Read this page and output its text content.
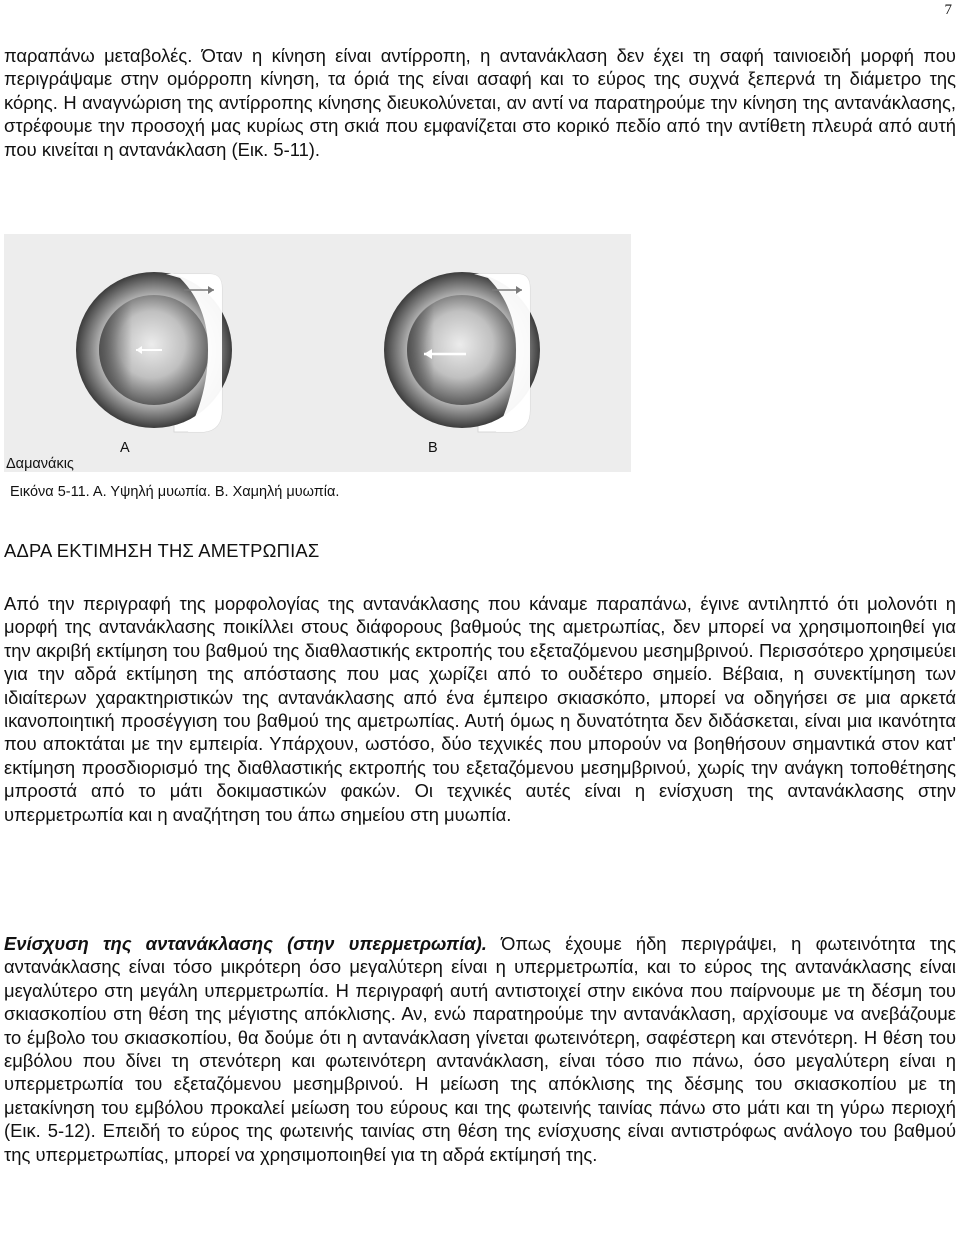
7

παραπάνω μεταβολές. Όταν η κίνηση είναι αντίρροπη, η αντανάκλαση δεν έχει τη σαφή ταινιοειδή μορφή που περιγράψαμε στην ομόρροπη κίνηση, τα όριά της είναι ασαφή και το εύρος της συχνά ξεπερνά τη διάμετρο της κόρης. Η αναγνώριση της αντίρροπης κίνησης διευκολύνεται, αν αντί να παρατηρούμε την κίνηση της αντανάκλασης, στρέφουμε την προσοχή μας κυρίως στη σκιά που εμφανίζεται στο κορικό πεδίο από την αντίθετη πλευρά από αυτή που κινείται η αντανάκλαση (Εικ. 5-11).

Δαμανάκις
Α	Β
Εικόνα 5-11. Α. Υψηλή μυωπία. Β. Χαμηλή μυωπία.
ΑΔΡΑ ΕΚΤΙΜΗΣΗ ΤΗΣ ΑΜΕΤΡΩΠΙΑΣ

Από την περιγραφή της μορφολογίας της αντανάκλασης που κάναμε παραπάνω, έγινε αντιληπτό ότι μολονότι η μορφή της αντανάκλασης ποικίλλει στους διάφορους βαθμούς της αμετρωπίας, δεν μπορεί να χρησιμοποιηθεί για την ακριβή εκτίμηση του βαθμού της διαθλαστικής εκτροπής του εξεταζόμενου μεσημβρινού. Περισσότερο χρησιμεύει για την αδρά εκτίμηση της απόστασης που μας χωρίζει από το ουδέτερο σημείο. Βέβαια, η συνεκτίμηση των ιδιαίτερων χαρακτηριστικών της αντανάκλασης από ένα έμπειρο σκιασκόπο, μπορεί να οδηγήσει σε μια αρκετά ικανοποιητική προσέγγιση του βαθμού της αμετρωπίας. Αυτή όμως η δυνατότητα δεν διδάσκεται, είναι μια ικανότητα που αποκτάται με την εμπειρία. Υπάρχουν, ωστόσο, δύο τεχνικές που μπορούν να βοηθήσουν σημαντικά στον κατ' εκτίμηση προσδιορισμό της διαθλαστικής εκτροπής του εξεταζόμενου μεσημβρινού, χωρίς την ανάγκη τοποθέτησης μπροστά από το μάτι δοκιμαστικών φακών. Οι τεχνικές αυτές είναι η ενίσχυση της αντανάκλασης στην υπερμετρωπία και η αναζήτηση του άπω σημείου στη μυωπία.

Ενίσχυση της αντανάκλασης (στην υπερμετρωπία). Όπως έχουμε ήδη περιγράψει, η φωτεινότητα της αντανάκλασης είναι τόσο μικρότερη όσο μεγαλύτερη είναι η υπερμετρωπία, και το εύρος της αντανάκλασης είναι μεγαλύτερο στη μεγάλη υπερμετρωπία. Η περιγραφή αυτή αντιστοιχεί στην εικόνα που παίρνουμε με τη δέσμη του σκιασκοπίου στη θέση της μέγιστης απόκλισης. Αν, ενώ παρατηρούμε την αντανάκλαση, αρχίσουμε να ανεβάζουμε το έμβολο του σκιασκοπίου, θα δούμε ότι η αντανάκλαση γίνεται φωτεινότερη, σαφέστερη και στενότερη. Η θέση του εμβόλου που δίνει τη στενότερη και φωτεινότερη αντανάκλαση, είναι τόσο πιο πάνω, όσο μεγαλύτερη είναι η υπερμετρωπία του εξεταζόμενου μεσημβρινού. Η μείωση της απόκλισης της δέσμης του σκιασκοπίου με τη μετακίνηση του εμβόλου προκαλεί μείωση του εύρους και της φωτεινής ταινίας πάνω στο μάτι και τη γύρω περιοχή (Εικ. 5-12). Επειδή το εύρος της φωτεινής ταινίας στη θέση της ενίσχυσης είναι αντιστρόφως ανάλογο του βαθμού της υπερμετρωπίας, μπορεί να χρησιμοποιηθεί για τη αδρά εκτίμησή της.
